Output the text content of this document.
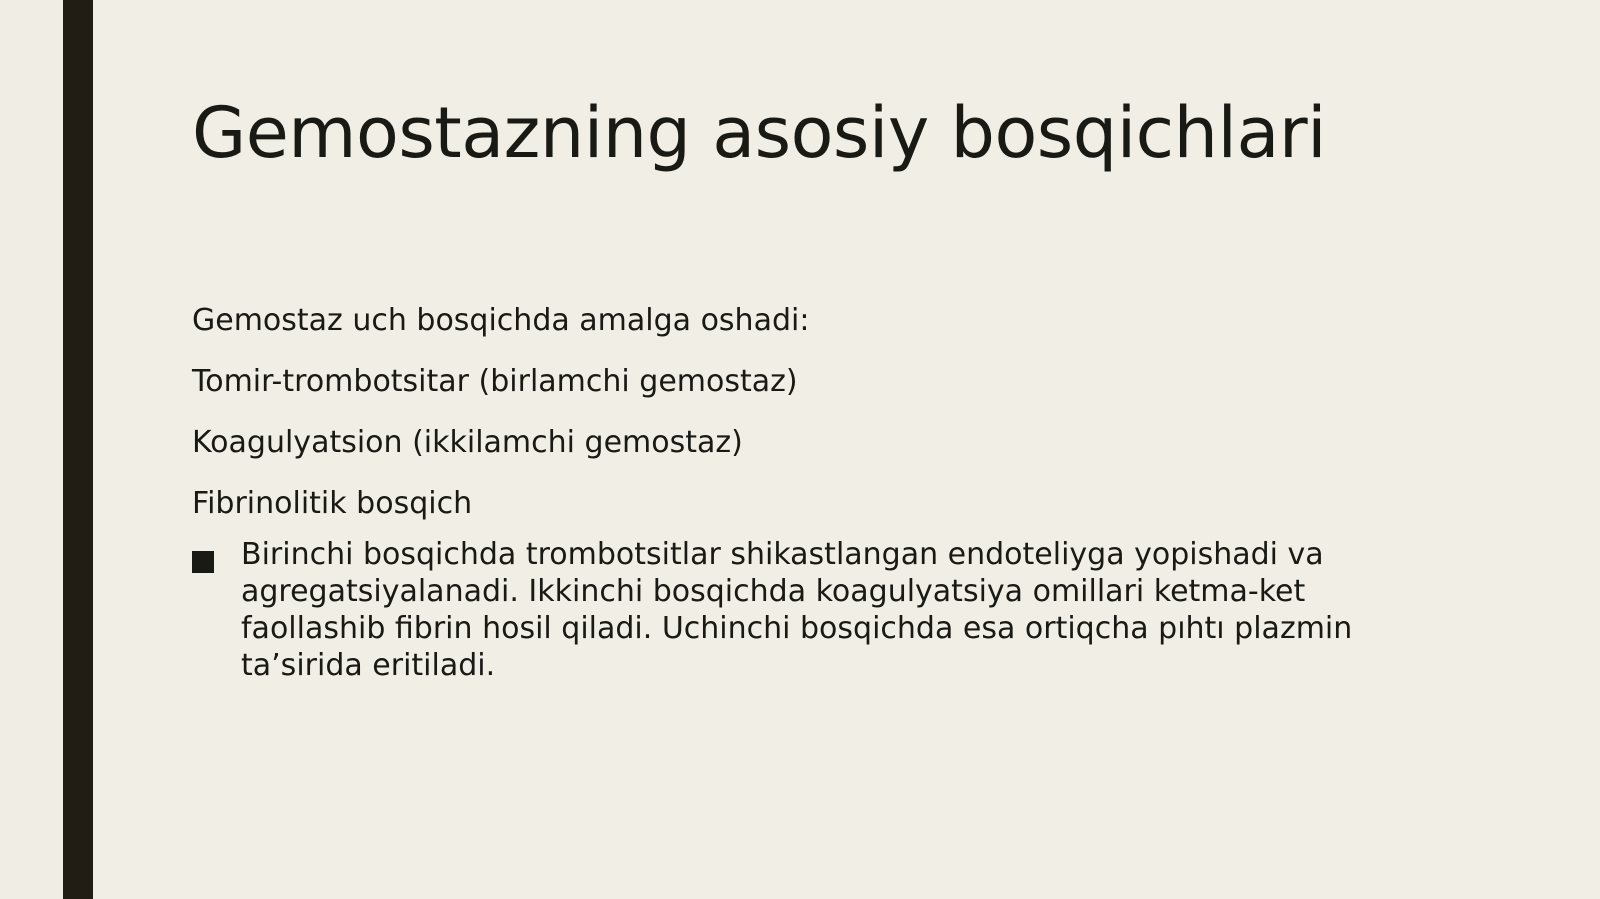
Gemostazning asosiy bosqichlari

Gemostaz uch bosqichda amalga oshadi:

Tomir-trombotsitar (birlamchi gemostaz)

Koagulyatsion (ikkilamchi gemostaz)

Fibrinolitik bosqich

Birinchi bosqichda trombotsitlar shikastlangan endoteliyga yopishadi va agregatsiyalanadi. Ikkinchi bosqichda koagulyatsiya omillari ketma-ket faollashib fibrin hosil qiladi. Uchinchi bosqichda esa ortiqcha pıhtı plazmin ta’sirida eritiladi.
